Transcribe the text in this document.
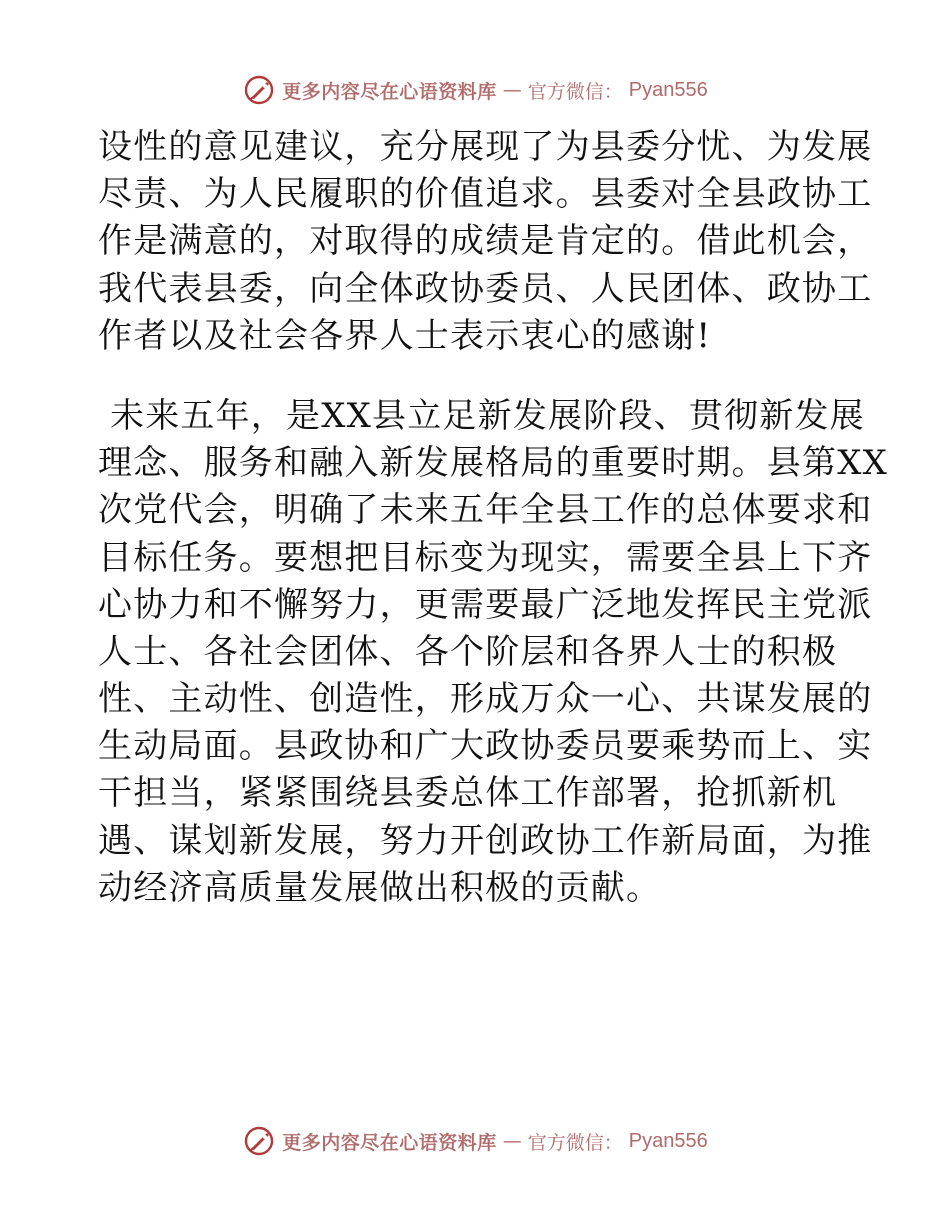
更多内容尽在心语资料库 — 官方微信： Pyan556

设性的意见建议，充分展现了为县委分忧、为发展
尽责、为人民履职的价值追求。县委对全县政协工
作是满意的，对取得的成绩是肯定的。借此机会，
我代表县委，向全体政协委员、人民团体、政协工
作者以及社会各界人士表示衷心的感谢!

未来五年，是XX县立足新发展阶段、贯彻新发展
理念、服务和融入新发展格局的重要时期。县第XX
次党代会，明确了未来五年全县工作的总体要求和
目标任务。要想把目标变为现实，需要全县上下齐
心协力和不懈努力，更需要最广泛地发挥民主党派
人士、各社会团体、各个阶层和各界人士的积极
性、主动性、创造性，形成万众一心、共谋发展的
生动局面。县政协和广大政协委员要乘势而上、实
干担当，紧紧围绕县委总体工作部署，抢抓新机
遇、谋划新发展，努力开创政协工作新局面，为推
动经济高质量发展做出积极的贡献。

更多内容尽在心语资料库 — 官方微信： Pyan556
